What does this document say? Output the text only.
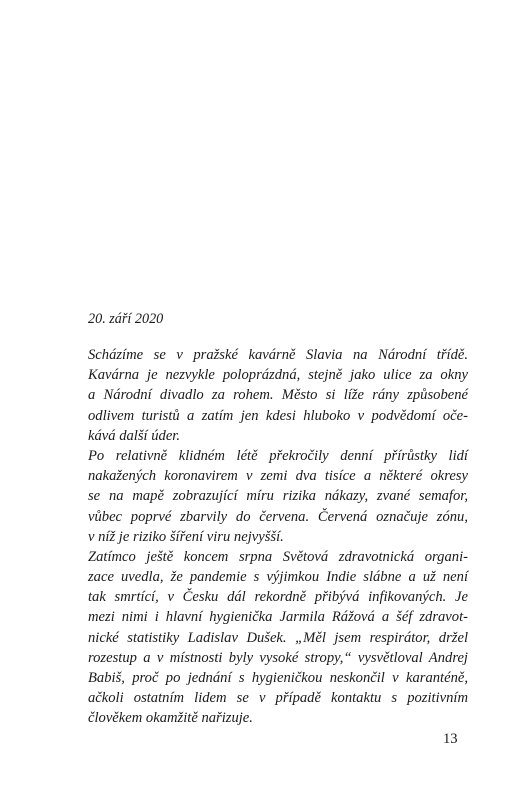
20. září 2020

Scházíme se v pražské kavárně Slavia na Národní třídě.
Kavárna je nezvykle poloprázdná, stejně jako ulice za okny
a Národní divadlo za rohem. Město si líže rány způsobené
odlivem turistů a zatím jen kdesi hluboko v podvědomí oče-
kává další úder.
Po relativně klidném létě překročily denní přírůstky lidí
nakažených koronavirem v zemi dva tisíce a některé okresy
se na mapě zobrazující míru rizika nákazy, zvané semafor,
vůbec poprvé zbarvily do červena. Červená označuje zónu,
v níž je riziko šíření viru nejvyšší.
Zatímco ještě koncem srpna Světová zdravotnická organi-
zace uvedla, že pandemie s výjimkou Indie slábne a už není
tak smrtící, v Česku dál rekordně přibývá infikovaných. Je
mezi nimi i hlavní hygienička Jarmila Rážová a šéf zdravot-
nické statistiky Ladislav Dušek. „Měl jsem respirátor, držel
rozestup a v místnosti byly vysoké stropy,“ vysvětloval Andrej
Babiš, proč po jednání s hygieničkou neskončil v karanténě,
ačkoli ostatním lidem se v případě kontaktu s pozitivním
člověkem okamžitě nařizuje.

13
